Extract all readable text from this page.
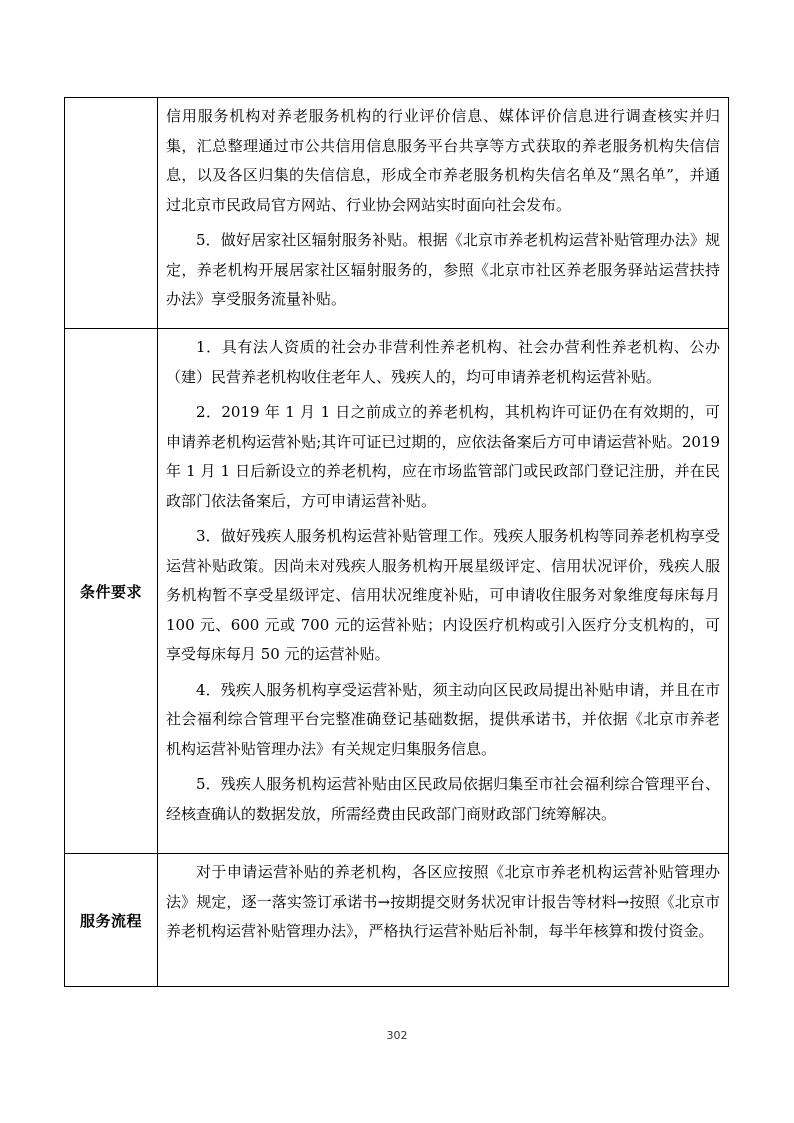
	信用服务机构对养老服务机构的行业评价信息、媒体评价信息进行调查核实并归集，汇总整理通过市公共信用信息服务平台共享等方式获取的养老服务机构失信信息，以及各区归集的失信信息，形成全市养老服务机构失信名单及“黑名单”，并通过北京市民政局官方网站、行业协会网站实时面向社会发布。

5．做好居家社区辐射服务补贴。根据《北京市养老机构运营补贴管理办法》规定，养老机构开展居家社区辐射服务的，参照《北京市社区养老服务驿站运营扶持办法》享受服务流量补贴。

条件要求	1．具有法人资质的社会办非营利性养老机构、社会办营利性养老机构、公办（建）民营养老机构收住老年人、残疾人的，均可申请养老机构运营补贴。

2．2019 年 1 月 1 日之前成立的养老机构，其机构许可证仍在有效期的，可申请养老机构运营补贴;其许可证已过期的，应依法备案后方可申请运营补贴。2019 年 1 月 1 日后新设立的养老机构，应在市场监管部门或民政部门登记注册，并在民政部门依法备案后，方可申请运营补贴。

3．做好残疾人服务机构运营补贴管理工作。残疾人服务机构等同养老机构享受运营补贴政策。因尚未对残疾人服务机构开展星级评定、信用状况评价，残疾人服务机构暂不享受星级评定、信用状况维度补贴，可申请收住服务对象维度每床每月 100 元、600 元或 700 元的运营补贴；内设医疗机构或引入医疗分支机构的，可享受每床每月 50 元的运营补贴。

4．残疾人服务机构享受运营补贴，须主动向区民政局提出补贴申请，并且在市社会福利综合管理平台完整准确登记基础数据，提供承诺书，并依据《北京市养老机构运营补贴管理办法》有关规定归集服务信息。

5．残疾人服务机构运营补贴由区民政局依据归集至市社会福利综合管理平台、经核查确认的数据发放，所需经费由民政部门商财政部门统筹解决。

服务流程	对于申请运营补贴的养老机构，各区应按照《北京市养老机构运营补贴管理办法》规定，逐一落实签订承诺书→按期提交财务状况审计报告等材料→按照《北京市养老机构运营补贴管理办法》，严格执行运营补贴后补制，每半年核算和拨付资金。

302
